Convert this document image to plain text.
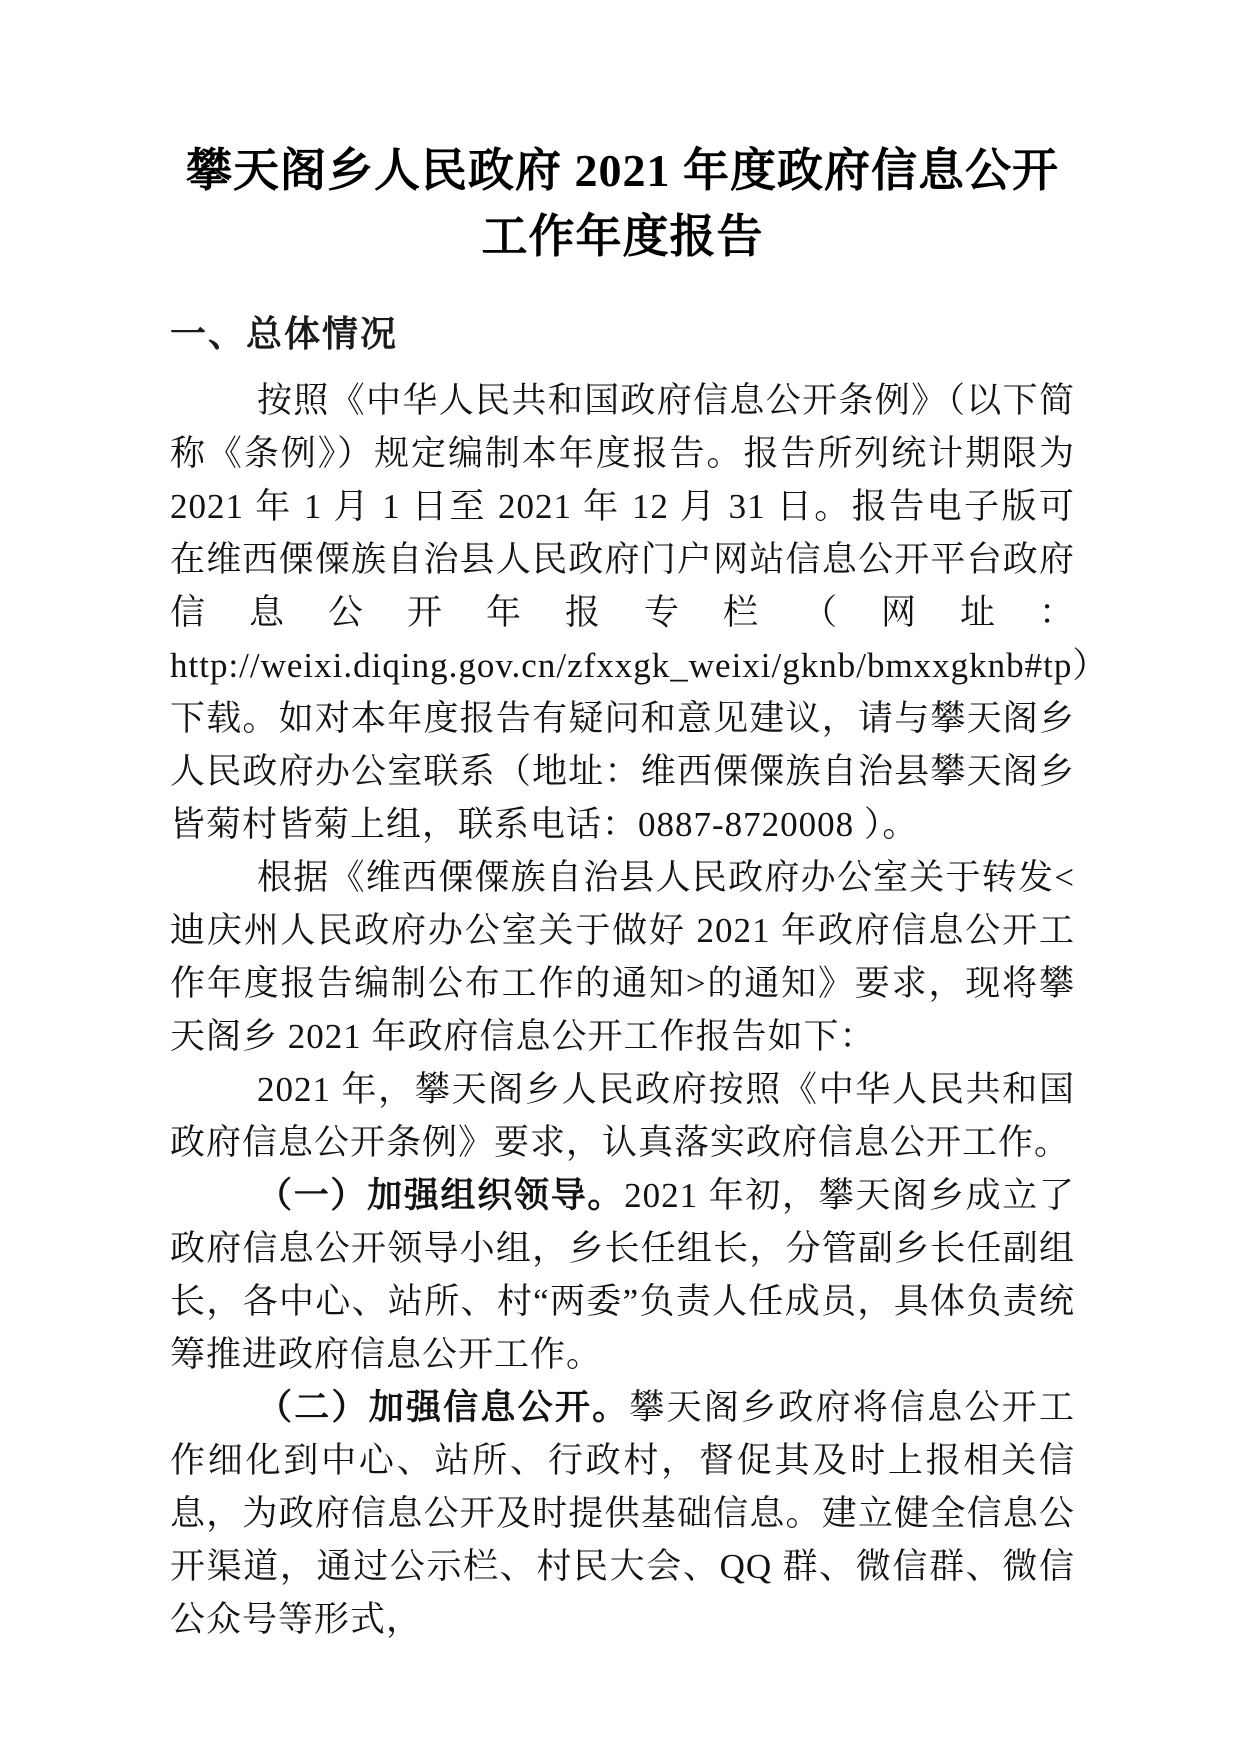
攀天阁乡人民政府 2021 年度政府信息公开工作年度报告
一、总体情况

按照《中华人民共和国政府信息公开条例》（以下简称《条例》）规定编制本年度报告。报告所列统计期限为 2021 年 1 月 1 日至 2021 年 12 月 31 日。报告电子版可在维西傈僳族自治县人民政府门户网站信息公开平台政府信息公开年报专栏（网址：http://weixi.diqing.gov.cn/zfxxgk_weixi/gknb/bmxxgknb#tp）下载。如对本年度报告有疑问和意见建议，请与攀天阁乡人民政府办公室联系（地址：维西傈僳族自治县攀天阁乡皆菊村皆菊上组，联系电话：0887-8720008 ）。

根据《维西傈僳族自治县人民政府办公室关于转发<迪庆州人民政府办公室关于做好 2021 年政府信息公开工作年度报告编制公布工作的通知>的通知》要求，现将攀天阁乡 2021 年政府信息公开工作报告如下：

2021 年，攀天阁乡人民政府按照《中华人民共和国政府信息公开条例》要求，认真落实政府信息公开工作。

（一）加强组织领导。2021 年初，攀天阁乡成立了政府信息公开领导小组，乡长任组长，分管副乡长任副组长，各中心、站所、村“两委”负责人任成员，具体负责统筹推进政府信息公开工作。

（二）加强信息公开。攀天阁乡政府将信息公开工作细化到中心、站所、行政村，督促其及时上报相关信息，为政府信息公开及时提供基础信息。建立健全信息公开渠道，通过公示栏、村民大会、QQ 群、微信群、微信公众号等形式，
